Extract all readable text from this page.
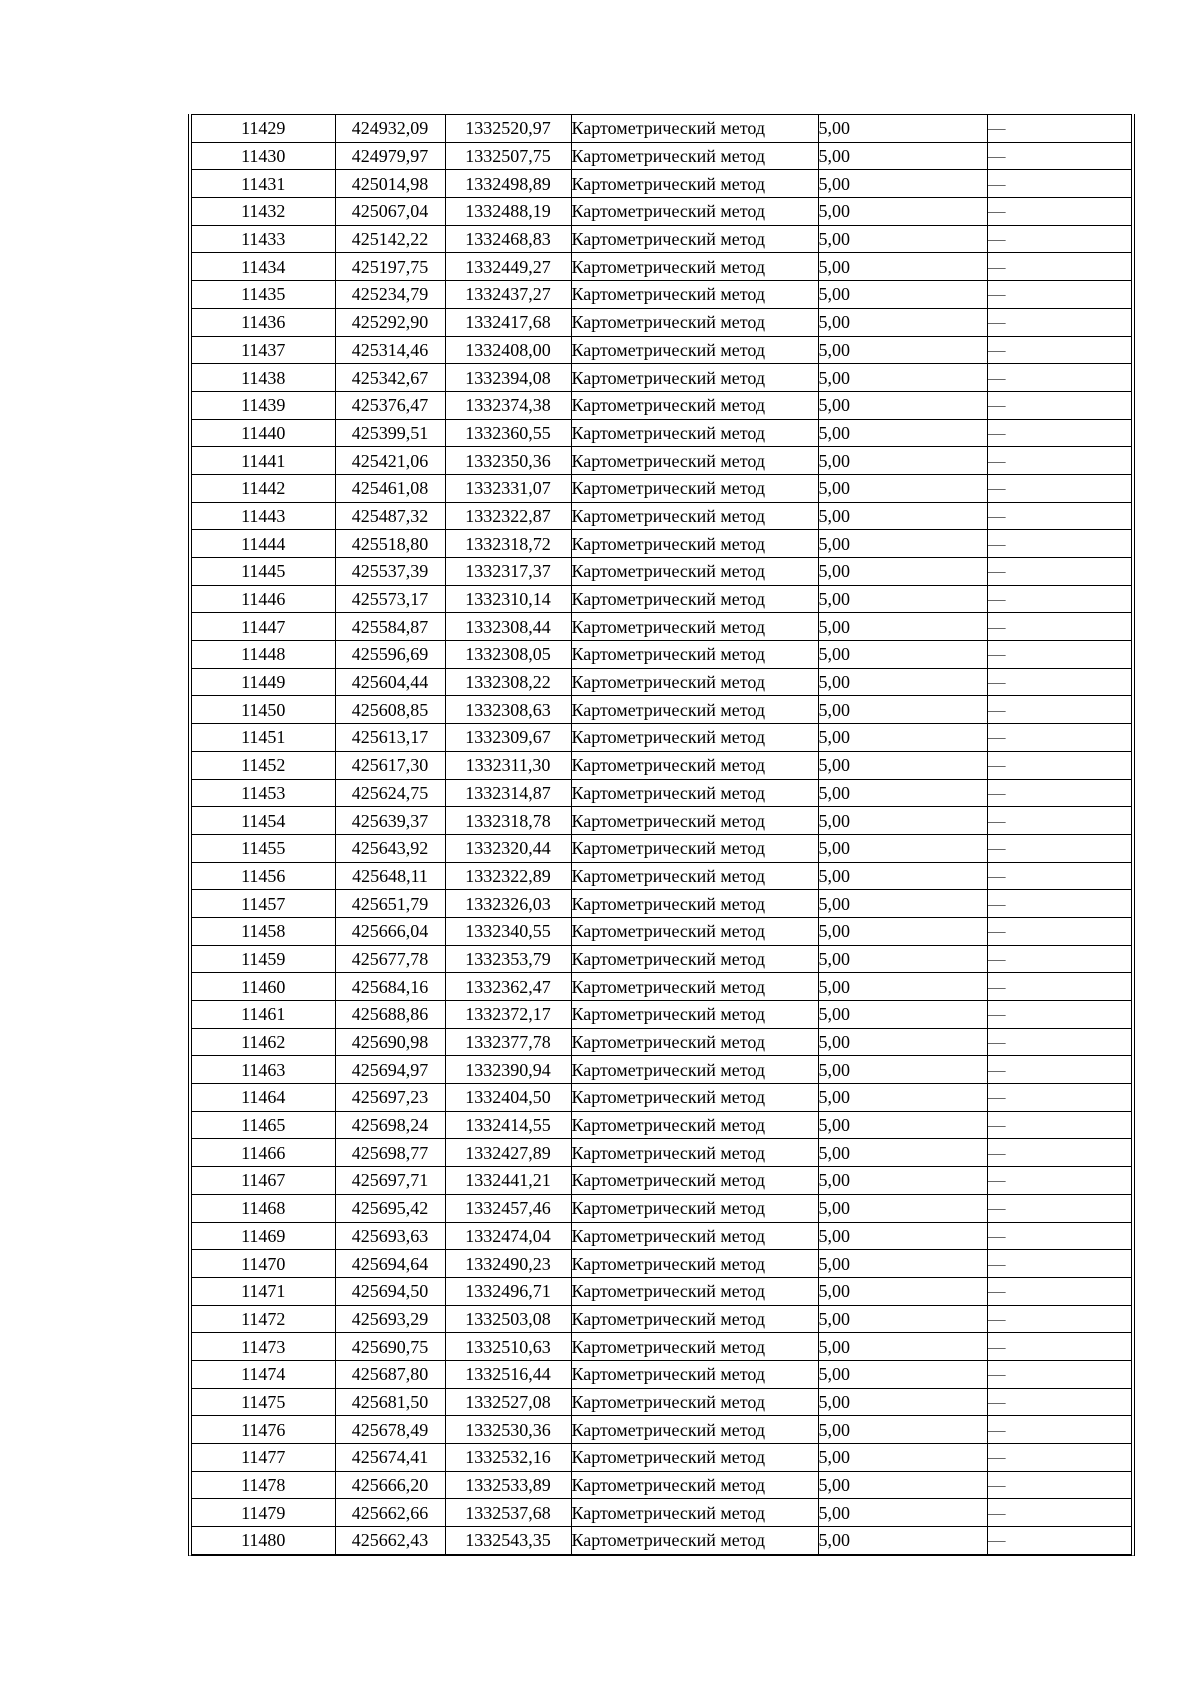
11429	424932,09	1332520,97	Картометрический метод	5,00	—
11430	424979,97	1332507,75	Картометрический метод	5,00	—
11431	425014,98	1332498,89	Картометрический метод	5,00	—
11432	425067,04	1332488,19	Картометрический метод	5,00	—
11433	425142,22	1332468,83	Картометрический метод	5,00	—
11434	425197,75	1332449,27	Картометрический метод	5,00	—
11435	425234,79	1332437,27	Картометрический метод	5,00	—
11436	425292,90	1332417,68	Картометрический метод	5,00	—
11437	425314,46	1332408,00	Картометрический метод	5,00	—
11438	425342,67	1332394,08	Картометрический метод	5,00	—
11439	425376,47	1332374,38	Картометрический метод	5,00	—
11440	425399,51	1332360,55	Картометрический метод	5,00	—
11441	425421,06	1332350,36	Картометрический метод	5,00	—
11442	425461,08	1332331,07	Картометрический метод	5,00	—
11443	425487,32	1332322,87	Картометрический метод	5,00	—
11444	425518,80	1332318,72	Картометрический метод	5,00	—
11445	425537,39	1332317,37	Картометрический метод	5,00	—
11446	425573,17	1332310,14	Картометрический метод	5,00	—
11447	425584,87	1332308,44	Картометрический метод	5,00	—
11448	425596,69	1332308,05	Картометрический метод	5,00	—
11449	425604,44	1332308,22	Картометрический метод	5,00	—
11450	425608,85	1332308,63	Картометрический метод	5,00	—
11451	425613,17	1332309,67	Картометрический метод	5,00	—
11452	425617,30	1332311,30	Картометрический метод	5,00	—
11453	425624,75	1332314,87	Картометрический метод	5,00	—
11454	425639,37	1332318,78	Картометрический метод	5,00	—
11455	425643,92	1332320,44	Картометрический метод	5,00	—
11456	425648,11	1332322,89	Картометрический метод	5,00	—
11457	425651,79	1332326,03	Картометрический метод	5,00	—
11458	425666,04	1332340,55	Картометрический метод	5,00	—
11459	425677,78	1332353,79	Картометрический метод	5,00	—
11460	425684,16	1332362,47	Картометрический метод	5,00	—
11461	425688,86	1332372,17	Картометрический метод	5,00	—
11462	425690,98	1332377,78	Картометрический метод	5,00	—
11463	425694,97	1332390,94	Картометрический метод	5,00	—
11464	425697,23	1332404,50	Картометрический метод	5,00	—
11465	425698,24	1332414,55	Картометрический метод	5,00	—
11466	425698,77	1332427,89	Картометрический метод	5,00	—
11467	425697,71	1332441,21	Картометрический метод	5,00	—
11468	425695,42	1332457,46	Картометрический метод	5,00	—
11469	425693,63	1332474,04	Картометрический метод	5,00	—
11470	425694,64	1332490,23	Картометрический метод	5,00	—
11471	425694,50	1332496,71	Картометрический метод	5,00	—
11472	425693,29	1332503,08	Картометрический метод	5,00	—
11473	425690,75	1332510,63	Картометрический метод	5,00	—
11474	425687,80	1332516,44	Картометрический метод	5,00	—
11475	425681,50	1332527,08	Картометрический метод	5,00	—
11476	425678,49	1332530,36	Картометрический метод	5,00	—
11477	425674,41	1332532,16	Картометрический метод	5,00	—
11478	425666,20	1332533,89	Картометрический метод	5,00	—
11479	425662,66	1332537,68	Картометрический метод	5,00	—
11480	425662,43	1332543,35	Картометрический метод	5,00	—
